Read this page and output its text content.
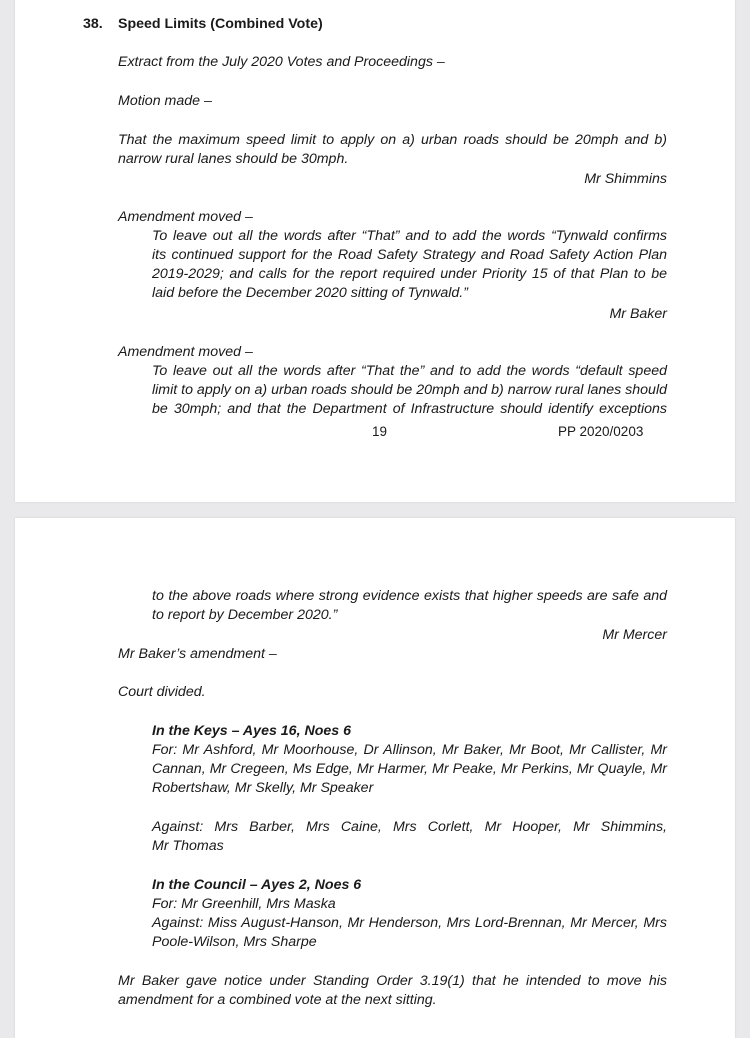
38. Speed Limits (Combined Vote)
Extract from the July 2020 Votes and Proceedings –
Motion made –
That the maximum speed limit to apply on a) urban roads should be 20mph and b)
narrow rural lanes should be 30mph.
Mr Shimmins
Amendment moved –
To leave out all the words after “That” and to add the words “Tynwald confirms
its continued support for the Road Safety Strategy and Road Safety Action Plan
2019-2029; and calls for the report required under Priority 15 of that Plan to be
laid before the December 2020 sitting of Tynwald.”
Mr Baker
Amendment moved –
To leave out all the words after “That the” and to add the words “default speed
limit to apply on a) urban roads should be 20mph and b) narrow rural lanes should
be 30mph; and that the Department of Infrastructure should identify exceptions
19	PP 2020/0203
to the above roads where strong evidence exists that higher speeds are safe and
to report by December 2020.”
Mr Mercer
Mr Baker’s amendment –
Court divided.
In the Keys – Ayes 16, Noes 6
For: Mr Ashford, Mr Moorhouse, Dr Allinson, Mr Baker, Mr Boot, Mr Callister, Mr
Cannan, Mr Cregeen, Ms Edge, Mr Harmer, Mr Peake, Mr Perkins, Mr Quayle, Mr
Robertshaw, Mr Skelly, Mr Speaker
Against: Mrs Barber, Mrs Caine, Mrs Corlett, Mr Hooper, Mr Shimmins,
Mr Thomas
In the Council – Ayes 2, Noes 6
For: Mr Greenhill, Mrs Maska
Against: Miss August-Hanson, Mr Henderson, Mrs Lord-Brennan, Mr Mercer, Mrs
Poole-Wilson, Mrs Sharpe
Mr Baker gave notice under Standing Order 3.19(1) that he intended to move his
amendment for a combined vote at the next sitting.
